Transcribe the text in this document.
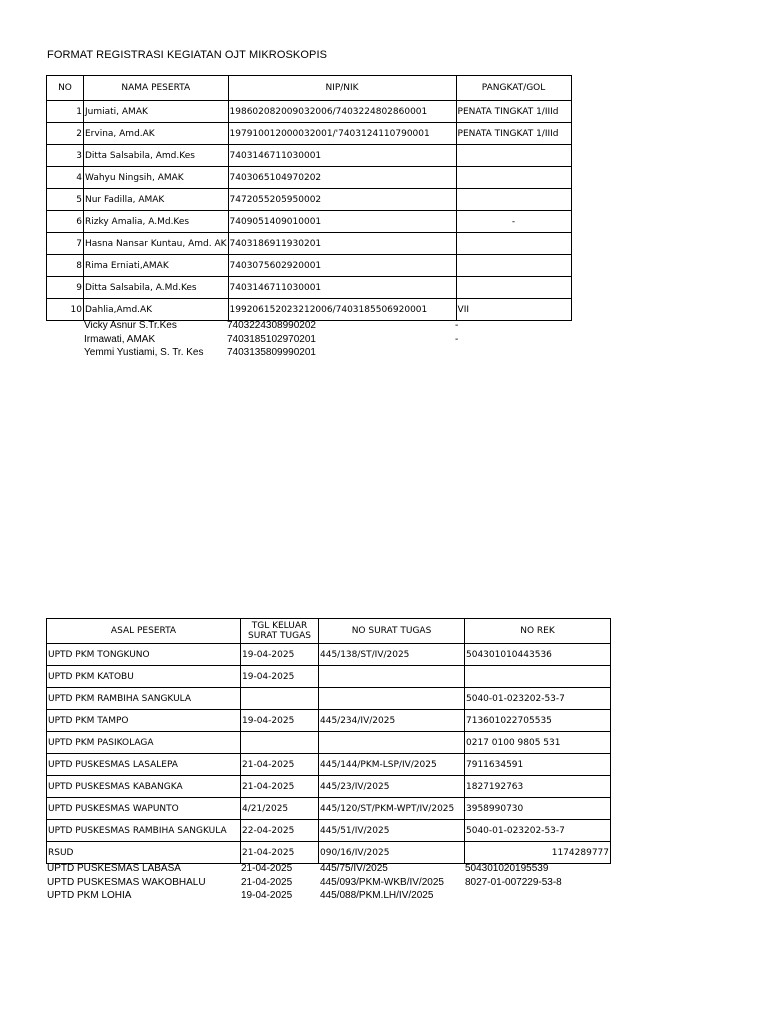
FORMAT REGISTRASI KEGIATAN OJT MIKROSKOPIS
NO	NAMA PESERTA	NIP/NIK	PANGKAT/GOL
1	Jumiati, AMAK	198602082009032006/7403224802860001	PENATA TINGKAT 1/IIId
2	Ervina, Amd.AK	197910012000032001/'7403124110790001	PENATA TINGKAT 1/IIId
3	Ditta Salsabila, Amd.Kes	7403146711030001	
4	Wahyu Ningsih, AMAK	7403065104970202	
5	Nur Fadilla, AMAK	7472055205950002	
6	Rizky Amalia, A.Md.Kes	7409051409010001	-
7	Hasna Nansar Kuntau, Amd. AK	7403186911930201	
8	Rima Erniati,AMAK	7403075602920001	
9	Ditta Salsabila, A.Md.Kes	7403146711030001	
10	Dahlia,Amd.AK	199206152023212006/7403185506920001	VII
Vicky Asnur S.Tr.Kes	7403224308990202	-
Irmawati, AMAK	7403185102970201	-
Yemmi Yustiami, S. Tr. Kes 7403135809990201
ASAL PESERTA	TGL KELUAR SURAT TUGAS	NO SURAT TUGAS	NO REK
UPTD PKM TONGKUNO	19-04-2025	445/138/ST/IV/2025	504301010443536
UPTD PKM KATOBU	19-04-2025		
UPTD PKM RAMBIHA SANGKULA			5040-01-023202-53-7
UPTD PKM TAMPO	19-04-2025	445/234/IV/2025	713601022705535
UPTD PKM PASIKOLAGA			0217 0100 9805 531
UPTD PUSKESMAS LASALEPA	21-04-2025	445/144/PKM-LSP/IV/2025	7911634591
UPTD PUSKESMAS KABANGKA	21-04-2025	445/23/IV/2025	1827192763
UPTD PUSKESMAS WAPUNTO	4/21/2025	445/120/ST/PKM-WPT/IV/2025	3958990730
UPTD PUSKESMAS RAMBIHA SANGKULA	22-04-2025	445/51/IV/2025	5040-01-023202-53-7
RSUD	21-04-2025	090/16/IV/2025	1174289777
UPTD PUSKESMAS LABASA	21-04-2025	445/75/IV/2025	504301020195539
UPTD PUSKESMAS WAKOBHALU	21-04-2025	445/093/PKM-WKB/IV/2025 8027-01-007229-53-8
UPTD PKM LOHIA	19-04-2025	445/088/PKM.LH/IV/2025
